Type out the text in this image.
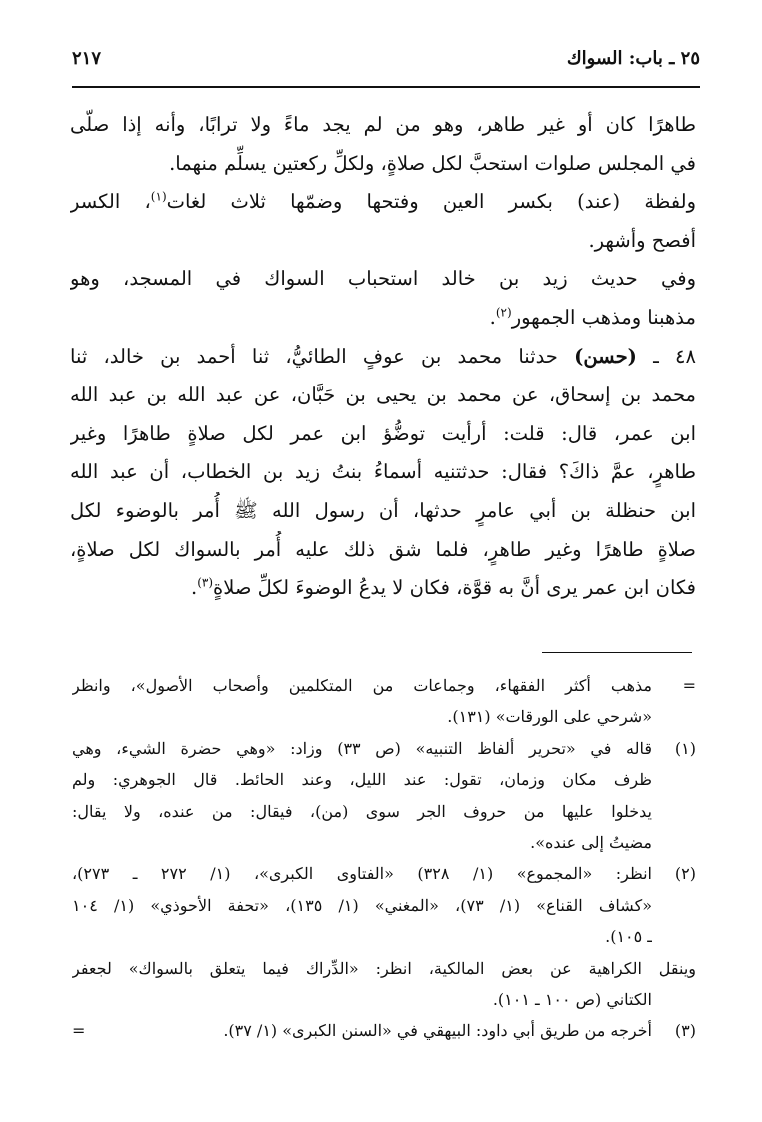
٢٥ ـ باب: السواك
٢١٧
طاهرًا كان أو غير طاهر، وهو من لم يجد ماءً ولا ترابًا، وأنه إذا صلّى
في المجلس صلوات استحبَّ لكل صلاةٍ، ولكلِّ ركعتين يسلِّم منهما.
ولفظة (عند) بكسر العين وفتحها وضمّها ثلاث لغات$^{(١)}$، الكسر
أفصح وأشهر.
وفي حديث زيد بن خالد استحباب السواك في المسجد، وهو
مذهبنا ومذهب الجمهور$^{(٢)}$.
٤٨ ـ (حسن) حدثنا محمد بن عوفٍ الطائيُّ، ثنا أحمد بن خالد، ثنا
محمد بن إسحاق، عن محمد بن يحيى بن حَبَّان، عن عبد الله بن عبد الله
ابن عمر، قال: قلت: أرأيت توضُّؤ ابن عمر لكل صلاةٍ طاهرًا وغير
طاهرٍ، عمَّ ذاكَ؟ فقال: حدثتنيه أسماءُ بنتُ زيد بن الخطاب، أن عبد الله
ابن حنظلة بن أبي عامرٍ حدثها، أن رسول الله ﷺ أُمر بالوضوء لكل
صلاةٍ طاهرًا وغير طاهرٍ، فلما شق ذلك عليه أُمر بالسواك لكل صلاةٍ،
فكان ابن عمر يرى أنَّ به قوَّة، فكان لا يدعُ الوضوءَ لكلِّ صلاةٍ$^{(٣)}$.
=
مذهب أكثر الفقهاء، وجماعات من المتكلمين وأصحاب الأصول»، وانظر
«شرحي على الورقات» (١٣١).
(١)
قاله في «تحرير ألفاظ التنبيه» (ص ٣٣) وزاد: «وهي حضرة الشيء، وهي
ظرف مكان وزمان، تقول: عند الليل، وعند الحائط. قال الجوهري: ولم
يدخلوا عليها من حروف الجر سوى (من)، فيقال: من عنده، ولا يقال:
مضيتُ إلى عنده».
(٢)
انظر: «المجموع» (١/ ٣٢٨) «الفتاوى الكبرى»، (١/ ٢٧٢ ـ ٢٧٣)،
«كشاف القناع» (١/ ٧٣)، «المغني» (١/ ١٣٥)، «تحفة الأحوذي» (١/ ١٠٤
ـ ١٠٥).
وينقل الكراهية عن بعض المالكية، انظر: «الدِّراك فيما يتعلق بالسواك» لجعفر
الكتاني (ص ١٠٠ ـ ١٠١).
(٣)
أخرجه من طريق أبي داود: البيهقي في «السنن الكبرى» (١/ ٣٧).
=
